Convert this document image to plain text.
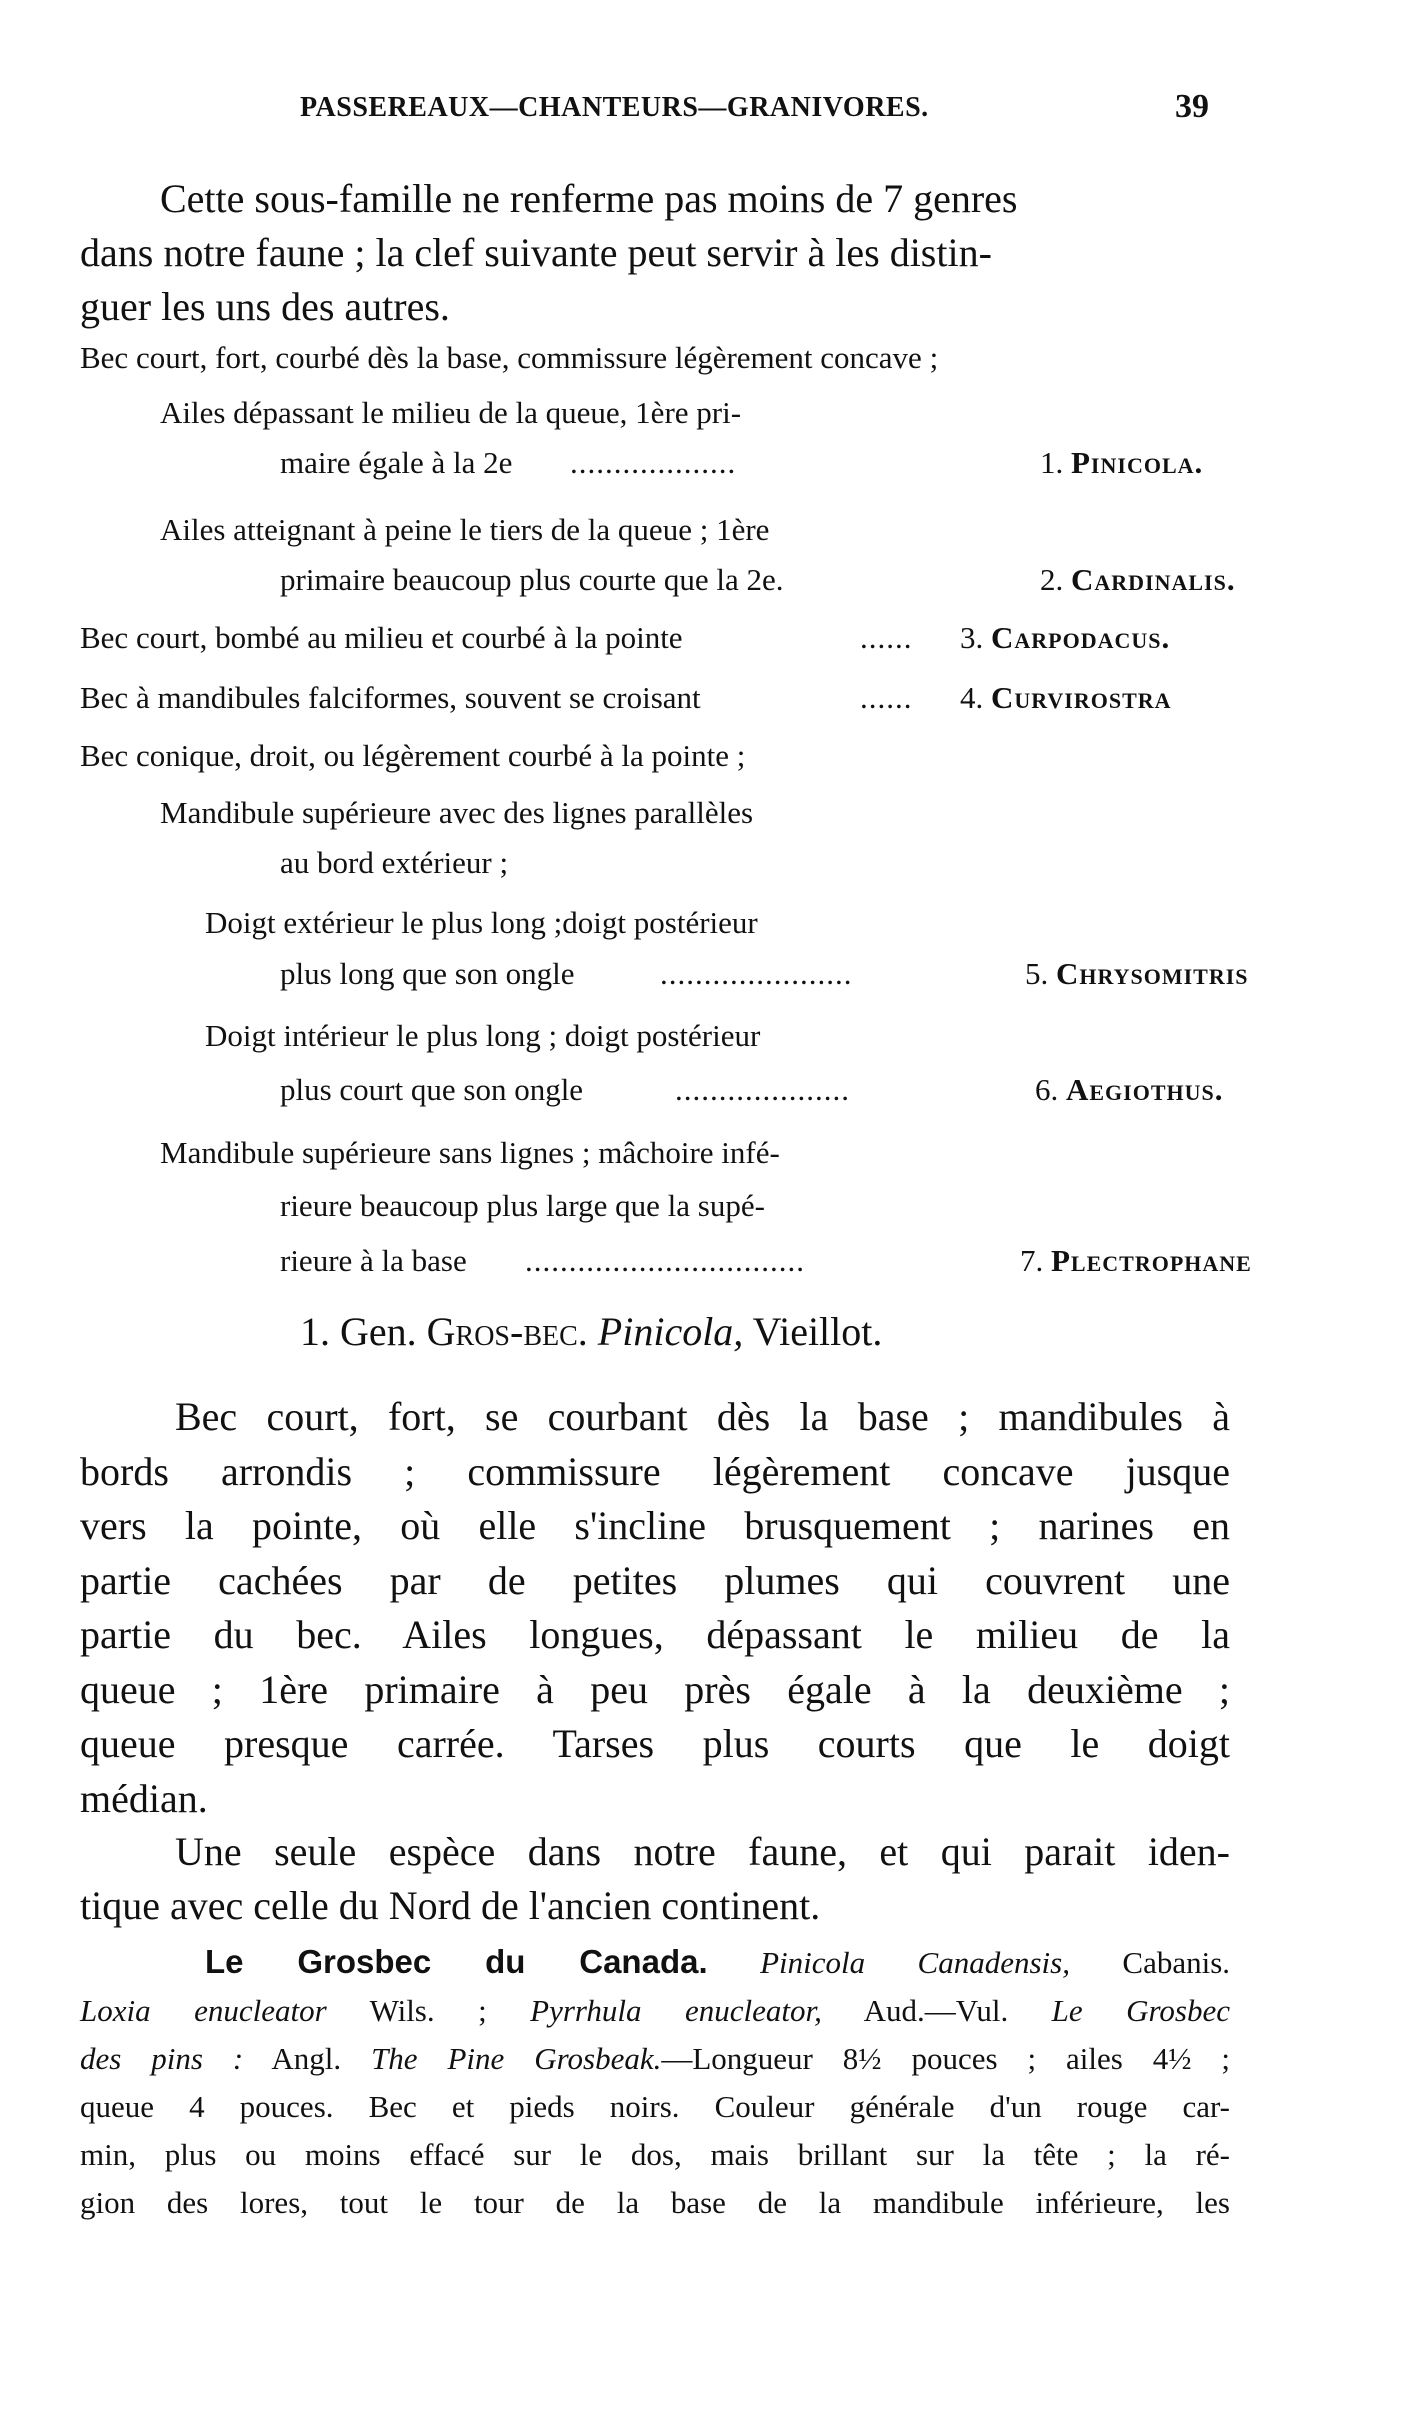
PASSEREAUX—CHANTEURS—GRANIVORES.	39

Cette sous-famille ne renferme pas moins de 7 genres
dans notre faune ; la clef suivante peut servir à les distin-
guer les uns des autres.

Bec court, fort, courbé dès la base, commissure légèrement concave ;
Ailes dépassant le milieu de la queue, 1ère pri-
maire égale à la 2e ...................	1. Pinicola.
Ailes atteignant à peine le tiers de la queue ; 1ère
primaire beaucoup plus courte que la 2e.	2. Cardinalis.
Bec court, bombé au milieu et courbé à la pointe	...... 3. Carpodacus.
Bec à mandibules falciformes, souvent se croisant	...... 4. Curvirostra
Bec conique, droit, ou légèrement courbé à la pointe ;
Mandibule supérieure avec des lignes parallèles
au bord extérieur ;
Doigt extérieur le plus long ;doigt postérieur
plus long que son ongle	......................	5. Chrysomitris
Doigt intérieur le plus long ; doigt postérieur
plus court que son ongle	....................	6. Aegiothus.
Mandibule supérieure sans lignes ; mâchoire infé-
rieure beaucoup plus large que la supé-
rieure à la base ................................	7. Plectrophane
1. Gen. Gros-bec. Pinicola, Vieillot.

Bec court, fort, se courbant dès la base ; mandibules à
bords arrondis ; commissure légèrement concave jusque
vers la pointe, où elle s'incline brusquement ; narines en
partie cachées par de petites plumes qui couvrent une
partie du bec. Ailes longues, dépassant le milieu de la
queue ; 1ère primaire à peu près égale à la deuxième ;
queue presque carrée. Tarses plus courts que le doigt
médian.

Une seule espèce dans notre faune, et qui parait iden-
tique avec celle du Nord de l'ancien continent.

Le Grosbec du Canada. Pinicola Canadensis, Cabanis.
Loxia enucleator Wils. ; Pyrrhula enucleator, Aud.—Vul. Le Grosbec
des pins : Angl. The Pine Grosbeak.—Longueur 8½ pouces ; ailes 4½ ;
queue 4 pouces. Bec et pieds noirs. Couleur générale d'un rouge car-
min, plus ou moins effacé sur le dos, mais brillant sur la tête ; la ré-
gion des lores, tout le tour de la base de la mandibule inférieure, les
